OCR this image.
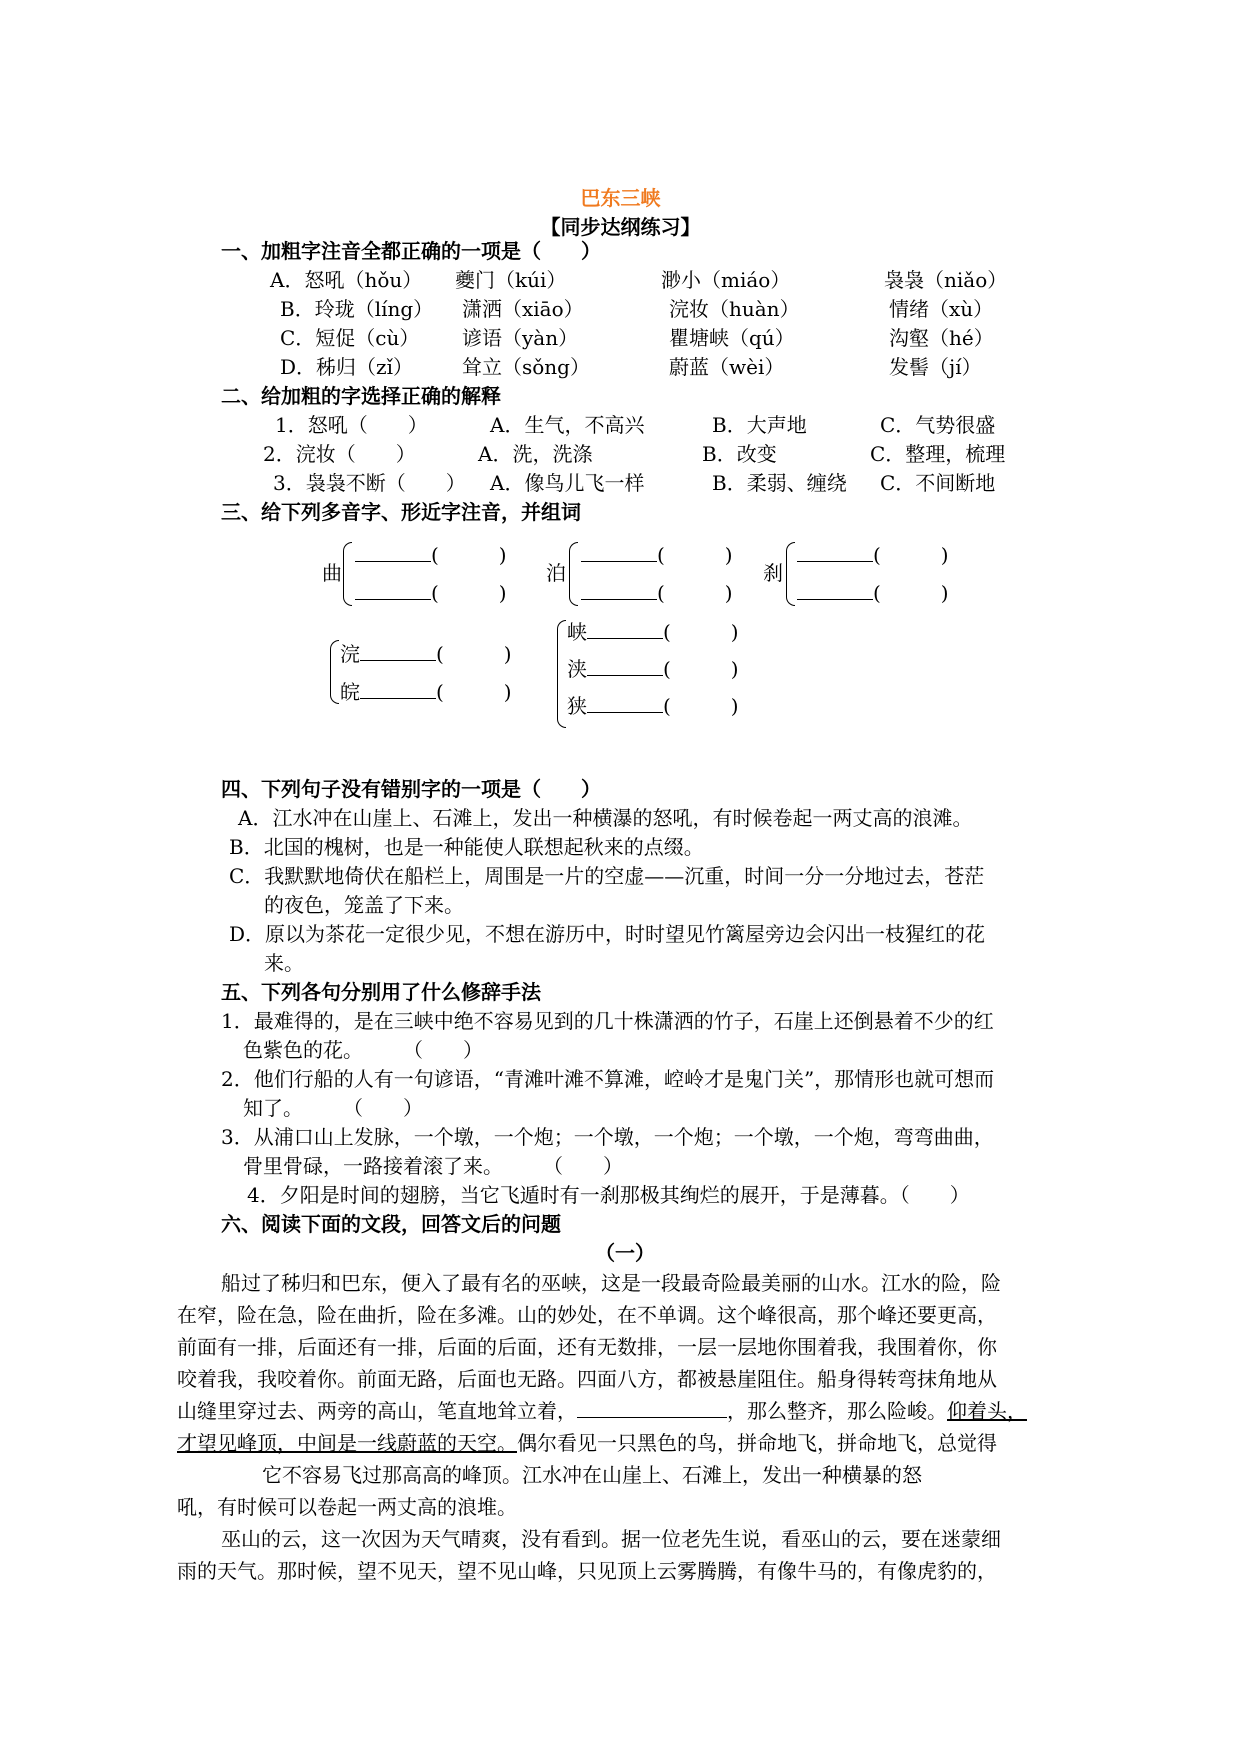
巴东三峡
【同步达纲练习】
一、加粗字注音全都正确的一项是（　　）
A．怒吼（hǒu） 夔门（kúi）	渺小（miáo）	袅袅（niǎo）
B．玲珑（líng） 潇洒（xiāo）	浣妆（huàn）	情绪（xù）
C．短促（cù） 谚语（yàn）	瞿塘峡（qú）	沟壑（hé）
D．秭归（zǐ） 耸立（sǒng）	蔚蓝（wèi）	发髻（jí）
二、给加粗的字选择正确的解释
1．怒吼（　　）	A．生气，不高兴	B．大声地	C．气势很盛
2．浣妆（　　）	A．洗，洗涤	B．改变	C．整理，梳理
3．袅袅不断（　　） A．像鸟儿飞一样	B．柔弱、缠绕 C．不间断地
三、给下列多音字、形近字注音，并组词
曲
(　　　)
(　　　)
泊
(　　　)
(　　　)
刹
(　　　)
(　　　)
浣	(　　　)
皖	(　　　)
峡	(　　　)
浃	(　　　)
狭	(　　　)
四、下列句子没有错别字的一项是（　　）
A．江水冲在山崖上、石滩上，发出一种横瀑的怒吼，有时候卷起一两丈高的浪滩。
B．北国的槐树，也是一种能使人联想起秋来的点缀。
C．我默默地倚伏在船栏上，周围是一片的空虚——沉重，时间一分一分地过去，苍茫
的夜色，笼盖了下来。
D．原以为茶花一定很少见，不想在游历中，时时望见竹篱屋旁边会闪出一枝猩红的花
来。
五、下列各句分别用了什么修辞手法
1．最难得的，是在三峡中绝不容易见到的几十株潇洒的竹子，石崖上还倒悬着不少的红
色紫色的花。　　　（　　）
2．他们行船的人有一句谚语，“青滩叶滩不算滩，崆岭才是鬼门关”，那情形也就可想而
知了。　　　（　　）
3．从浦口山上发脉，一个墩，一个炮；一个墩，一个炮；一个墩，一个炮，弯弯曲曲，
骨里骨碌，一路接着滚了来。　　　（　　）
4．夕阳是时间的翅膀，当它飞遁时有一刹那极其绚烂的展开，于是薄暮。（　　）
六、阅读下面的文段，回答文后的问题
（一）
船过了秭归和巴东，便入了最有名的巫峡，这是一段最奇险最美丽的山水。江水的险，险
在窄，险在急，险在曲折，险在多滩。山的妙处，在不单调。这个峰很高，那个峰还要更高，
前面有一排，后面还有一排，后面的后面，还有无数排，一层一层地你围着我，我围着你，你
咬着我，我咬着你。前面无路，后面也无路。四面八方，都被悬崖阻住。船身得转弯抹角地从
山缝里穿过去、两旁的高山，笔直地耸立着，	，那么整齐，那么险峻。仰着头，
才望见峰顶，中间是一线蔚蓝的天空。偶尔看见一只黑色的鸟，拼命地飞，拼命地飞，总觉得
它不容易飞过那高高的峰顶。江水冲在山崖上、石滩上，发出一种横暴的怒
吼，有时候可以卷起一两丈高的浪堆。
巫山的云，这一次因为天气晴爽，没有看到。据一位老先生说，看巫山的云，要在迷蒙细
雨的天气。那时候，望不见天，望不见山峰，只见顶上云雾腾腾，有像牛马的，有像虎豹的，
